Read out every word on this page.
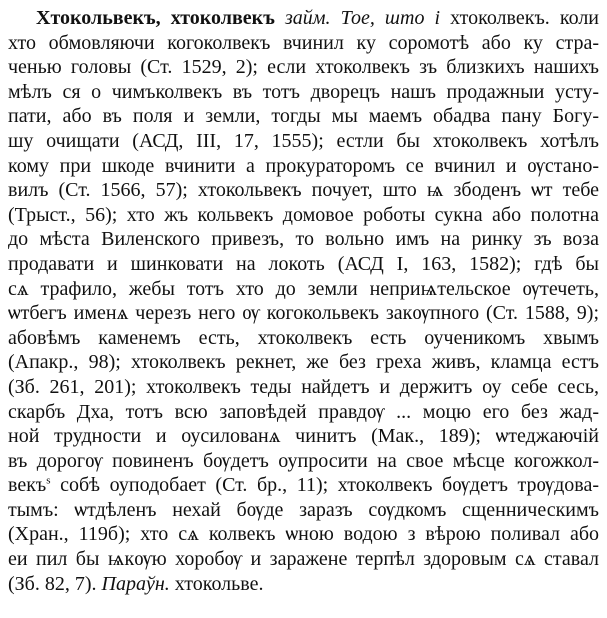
Хтокольвекъ, хтоколвекъ займ. Тое, што і хтоколвекъ. коли
хто обмовляючи когоколвекъ вчинил ку соромотѣ або ку стра-
ченью головы (Ст. 1529, 2); если хтоколвекъ зъ близкихъ нашихъ
мѣлъ ся о чимъколвекъ въ тотъ дворецъ нашъ продажныи усту-
пати, або въ поля и земли, тогды мы маемъ обадва пану Богу-
шу очищати (АСД, III, 17, 1555); естли бы хтоколвекъ хотѣлъ
кому при шкоде вчинити а прокураторомъ се вчинил и ѹстано-
вилъ (Ст. 1566, 57); хтокольвекъ почует, што ѩ збоденъ ѡт тебе
(Трыст., 56); хто жъ кольвекъ домовое роботы сукна або полотна
до мѣста Виленского привезъ, то вольно имъ на ринку зъ воза
продавати и шинковати на локоть (АСД І, 163, 1582); гдѣ бы
сѧ трафило, жебы тотъ хто до земли неприѩтельское ѹтечеть,
ѡтбегъ именѧ черезъ него ѹ когокольвекъ закѹпного (Ст. 1588, 9);
абовѣмъ каменемъ есть, хтоколвекъ есть оученикомъ хвымъ
(Апакр., 98); хтоколвекъ рекнет, же без греха живъ, кламца естъ
(Зб. 261, 201); хтоколвекъ теды найдетъ и держитъ оу себе сесь,
скарбъ Дха, тотъ всю заповѣдей правдѹ ... моцю его без жад-
ной трудности и оусилованѧ чинитъ (Мак., 189); ѡтеджаючій
въ дорогѹ повиненъ бѹдетъ оупросити на свое мѣсце когожкол-
векъ$^s$ собѣ оуподобает (Ст. бр., 11); хтоколвекъ бѹдетъ трѹдова-
тымъ: ѡтдѣленъ нехай бѹде заразъ сѹдкомъ сщенническимъ
(Хран., 119б); хто сѧ колвекъ ѡною водою з вѣрою поливал або
еи пил бы ѩкѹю хоробѹ и заражене терпѣл здоровым сѧ ставал
(Зб. 82, 7). Параўн. хтокольве.
